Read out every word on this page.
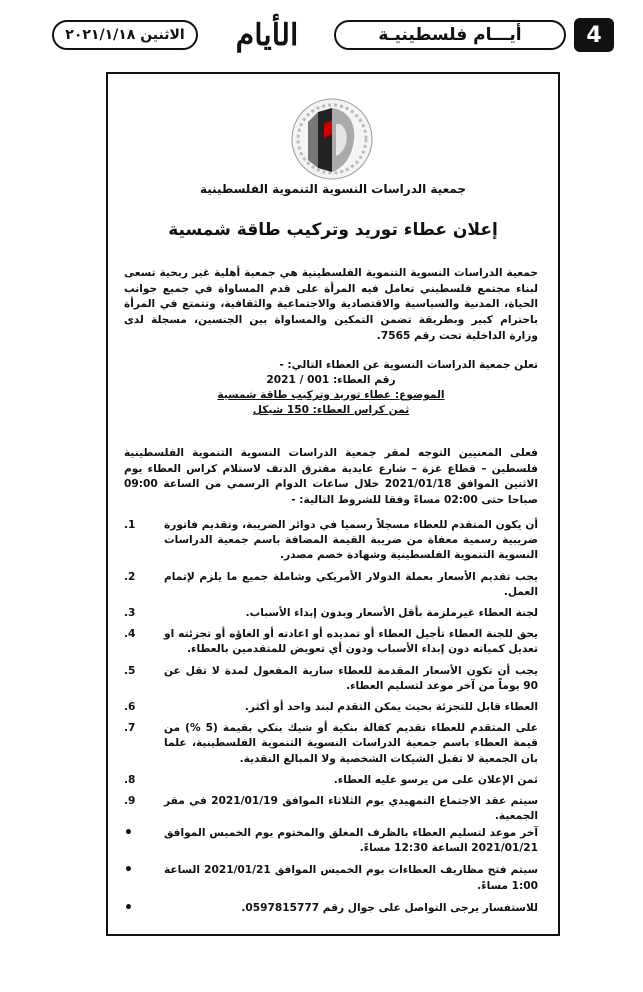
الاثنين ٢٠٢١/١/١٨	الأيام	أيـــام فلسطينيـة	4
جمعية الدراسات النسوية التنموية الفلسطينية
إعلان عطاء توريد وتركيب طاقة شمسية
جمعية الدراسات النسوية التنموية الفلسطينية هي جمعية أهلية غير ربحية تسعى لبناء مجتمع فلسطيني تعامل فيه المرأة على قدم المساواة في جميع جوانب الحياة، المدنية والسياسية والاقتصادية والاجتماعية والثقافية، وتتمتع في المرأة باحترام كبير وبطريقة تضمن التمكين والمساواة بين الجنسين، مسجلة لدى وزارة الداخلية تحت رقم 7565.
تعلن جمعية الدراسات النسوية عن العطاء التالي: -
رقم العطاء: 001 / 2021
الموضوع: عطاء توريد وتركيب طاقة شمسية
ثمن كراس العطاء: 150 شيكل
فعلى المعنيين التوجه لمقر جمعية الدراسات النسوية التنموية الفلسطينية فلسطين – قطاع غزة – شارع عايدية مفترق الدنف لاستلام كراس العطاء يوم الاثنين الموافق 2021/01/18 خلال ساعات الدوام الرسمي من الساعة 09:00 صباحا حتى 02:00 مساءً وفقا للشروط التالية: -
أن يكون المتقدم للعطاء مسجلاً رسميا في دوائر الضريبة، وتقديم فاتورة ضريبية رسمية معفاة من ضريبة القيمة المضافة باسم جمعية الدراسات النسوية التنموية الفلسطينية وشهادة خصم مصدر.
.1
يجب تقديم الأسعار بعملة الدولار الأمريكي وشاملة جميع ما يلزم لإتمام العمل.
.2
لجنة العطاء غيرملزمة بأقل الأسعار وبدون إبداء الأسباب.
.3
يحق للجنة العطاء تأجيل العطاء أو تمديده أو اعادته أو الغاؤه أو تجزئته او تعديل كمياته دون إبداء الأسباب ودون أي تعويض للمتقدمين بالعطاء.
.4
يجب أن تكون الأسعار المقدمة للعطاء سارية المفعول لمدة لا تقل عن 90 يوماً من آخر موعد لتسليم العطاء.
.5
العطاء قابل للتجزئة بحيث يمكن التقدم لبند واحد أو أكثر.
.6
على المتقدم للعطاء تقديم كفالة بنكية أو شيك بنكي بقيمة (5 %) من قيمة العطاء باسم جمعية الدراسات النسوية التنموية الفلسطينية، علما بان الجمعية لا تقبل الشيكات الشخصية ولا المبالغ النقدية.
.7
ثمن الإعلان على من يرسو عليه العطاء.
.8
سيتم عقد الاجتماع التمهيدي يوم الثلاثاء الموافق 2021/01/19 في مقر الجمعية.
.9
آخر موعد لتسليم العطاء بالظرف المغلق والمختوم يوم الخميس الموافق 2021/01/21 الساعة 12:30 مساءً.
•
سيتم فتح مظاريف العطاءات يوم الخميس الموافق 2021/01/21 الساعة 1:00 مساءً.
•
للاستفسار يرجى التواصل على جوال رقم 0597815777.
•
